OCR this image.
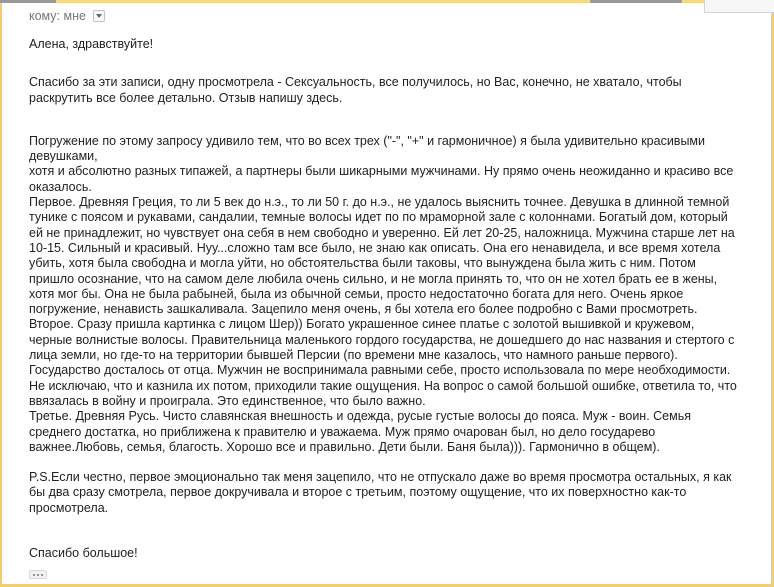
кому: мне

Алена, здравствуйте!

Спасибо за эти записи, одну просмотрела - Сексуальность, все получилось, но Вас, конечно, не хватало, чтобы
раскрутить все более детально. Отзыв напишу здесь.

Погружение по этому запросу удивило тем, что во всех трех ("-", "+" и гармоничное) я была удивительно красивыми
девушками,
хотя и абсолютно разных типажей, а партнеры были шикарными мужчинами. Ну прямо очень неожиданно и красиво все
оказалось.
Первое. Древняя Греция, то ли 5 век до н.э., то ли 50 г. до н.э., не удалось выяснить точнее. Девушка в длинной темной
тунике с поясом и рукавами, сандалии, темные волосы идет по по мраморной зале с колоннами. Богатый дом, который
ей не принадлежит, но чувствует она себя в нем свободно и уверенно. Ей лет 20-25, наложница. Мужчина старше лет на
10-15. Сильный и красивый. Нуу...сложно там все было, не знаю как описать. Она его ненавидела, и все время хотела
убить, хотя была свободна и могла уйти, но обстоятельства были таковы, что вынуждена была жить с ним. Потом
пришло осознание, что на самом деле любила очень сильно, и не могла принять то, что он не хотел брать ее в жены,
хотя мог бы. Она не была рабыней, была из обычной семьи, просто недостаточно богата для него. Очень яркое
погружение, ненависть зашкаливала. Зацепило меня очень, я бы хотела его более подробно с Вами просмотреть.
Второе. Сразу пришла картинка с лицом Шер)) Богато украшенное синее платье с золотой вышивкой и кружевом,
черные волнистые волосы. Правительница маленького гордого государства, не дошедшего до нас названия и стертого с
лица земли, но где-то на территории бывшей Персии (по времени мне казалось, что намного раньше первого).
Государство досталось от отца. Мужчин не воспринимала равными себе, просто использовала по мере необходимости.
Не исключаю, что и казнила их потом, приходили такие ощущения. На вопрос о самой большой ошибке, ответила то, что
ввязалась в войну и проиграла. Это единственное, что было важно.
Третье. Древняя Русь. Чисто славянская внешность и одежда, русые густые волосы до пояса. Муж - воин. Семья
среднего достатка, но приближена к правителю и уважаема. Муж прямо очарован был, но дело государево
важнее.Любовь, семья, благость. Хорошо все и правильно. Дети были. Баня была))). Гармонично в общем).

P.S.Если честно, первое эмоционально так меня зацепило, что не отпускало даже во время просмотра остальных, я как
бы два сразу смотрела, первое докручивала и второе с третьим, поэтому ощущение, что их поверхностно как-то
просмотрела.

Спасибо большое!
